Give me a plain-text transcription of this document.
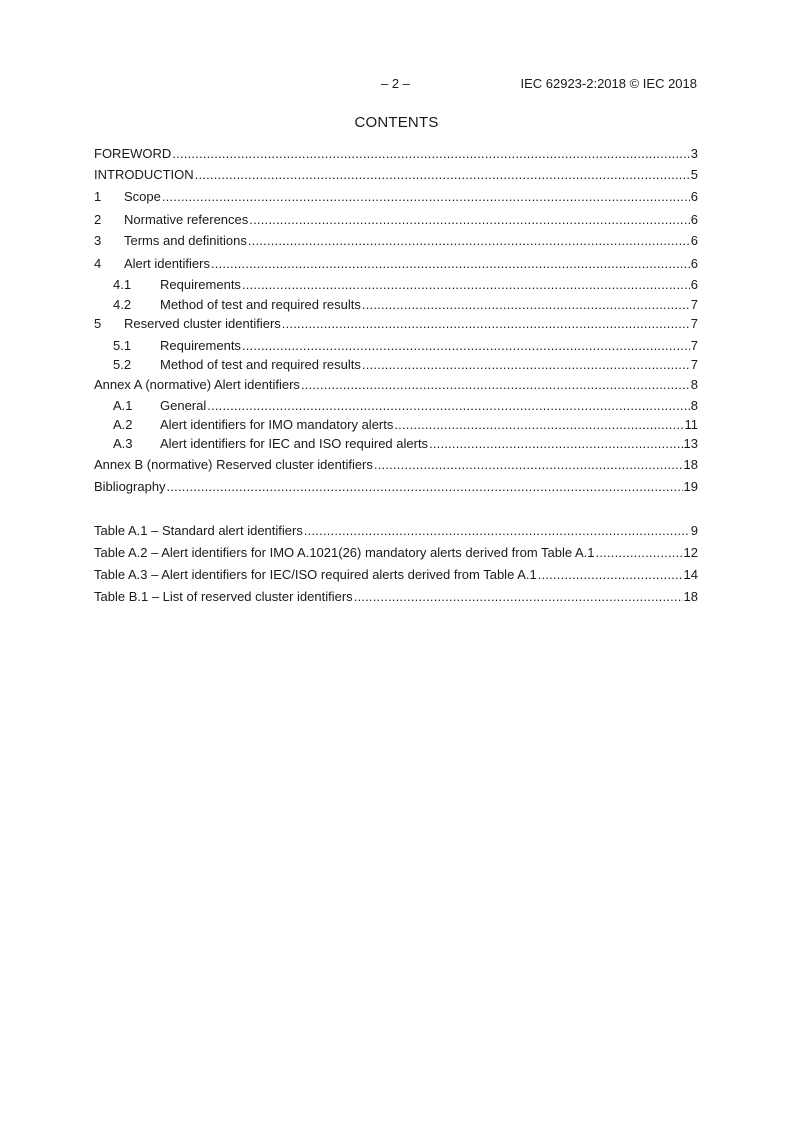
– 2 –	IEC 62923-2:2018 © IEC 2018
CONTENTS
FOREWORD .....	3
INTRODUCTION .....	5
1	Scope .....	6
2	Normative references .....	6
3	Terms and definitions .....	6
4	Alert identifiers .....	6
4.1	Requirements .....	6
4.2	Method of test and required results .....	7
5	Reserved cluster identifiers .....	7
5.1	Requirements .....	7
5.2	Method of test and required results .....	7
Annex A (normative) Alert identifiers .....	8
A.1	General .....	8
A.2	Alert identifiers for IMO mandatory alerts .....	11
A.3	Alert identifiers for IEC and ISO required alerts .....	13
Annex B (normative) Reserved cluster identifiers .....	18
Bibliography .....	19
Table A.1 – Standard alert identifiers .....	9
Table A.2 – Alert identifiers for IMO A.1021(26) mandatory alerts derived from Table A.1 .....	12
Table A.3 – Alert identifiers for IEC/ISO required alerts derived from Table A.1 .....	14
Table B.1 – List of reserved cluster identifiers .....	18
